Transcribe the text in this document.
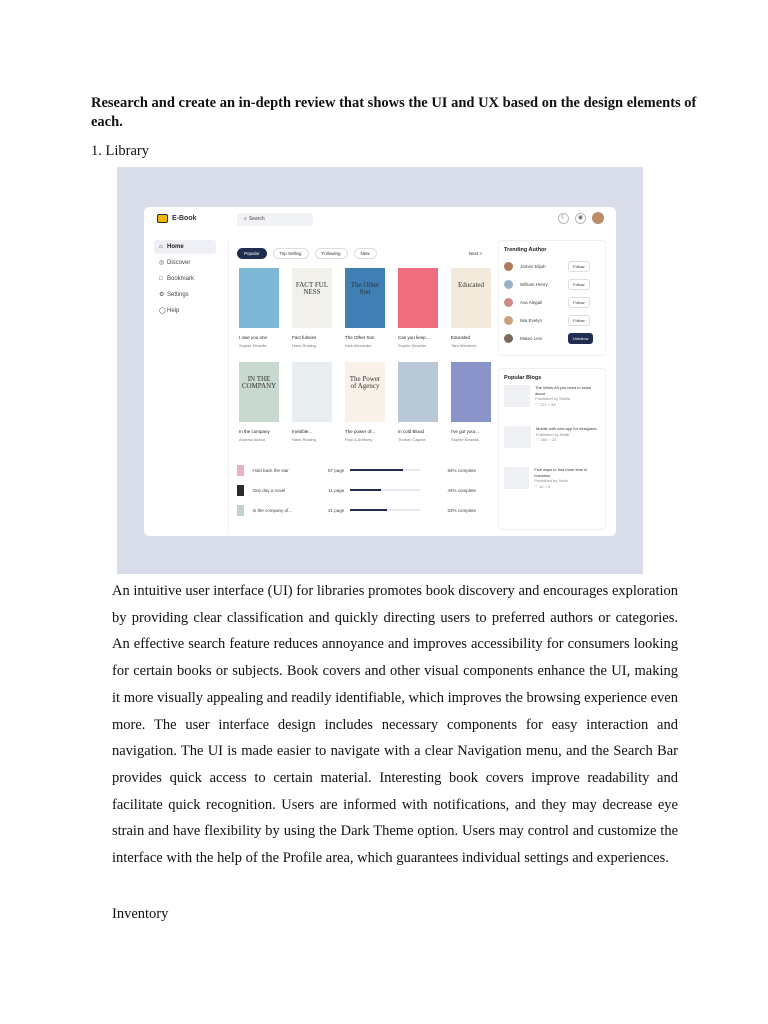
Research and create an in-depth review that shows the UI and UX based on the design elements of each.
1. Library
E-Book
⌕	Search	☾	◉
⌂ Home
◎ Discover
□ Bookmark
⚙ Settings
◯Help
Popular	Top Selling	Following	New	Next >
I owe you one
Sophie Kinsella
FACT FUL NESS
Fact fulness
Hans Rosling
The Other Son
The Other Son
Nick Alexander
Can you keep...
Sophie Kinsella
Educated
Educated
Tara Westover
IN THE COMPANY
In the company
Andrew Author
Invisible...
Hans Rosling
The Power of Agency
The power of...
Paul & Anthony
In cold Blood
Truman Capote
I've got your...
Sophie Kinsella
Hold back the star	57 page	84% complete
One day a novel	11 page	44% complete
In the company of...	31 page	53% complete
Trending Author
James Elijah	Follow
William Henry	Follow
Ava Abigail	Follow
Mia Evelyn	Follow
Mateo Levi	Unfollow
Popular Blogs
The Week All you need to know about
Published by Sheila
♡ 122 ○ 44
Mobile with new app for designers
Published by Malik
♡ 160 ○ 22
Five ways to find more time in business
Published by Sonic
♡ 10 ○ 4
An intuitive user interface (UI) for libraries promotes book discovery and encourages exploration by providing clear classification and quickly directing users to preferred authors or categories. An effective search feature reduces annoyance and improves accessibility for consumers looking for certain books or subjects. Book covers and other visual components enhance the UI, making it more visually appealing and readily identifiable, which improves the browsing experience even more. The user interface design includes necessary components for easy interaction and navigation. The UI is made easier to navigate with a clear Navigation menu, and the Search Bar provides quick access to certain material. Interesting book covers improve readability and facilitate quick recognition. Users are informed with notifications, and they may decrease eye strain and have flexibility by using the Dark Theme option. Users may control and customize the interface with the help of the Profile area, which guarantees individual settings and experiences.
Inventory
